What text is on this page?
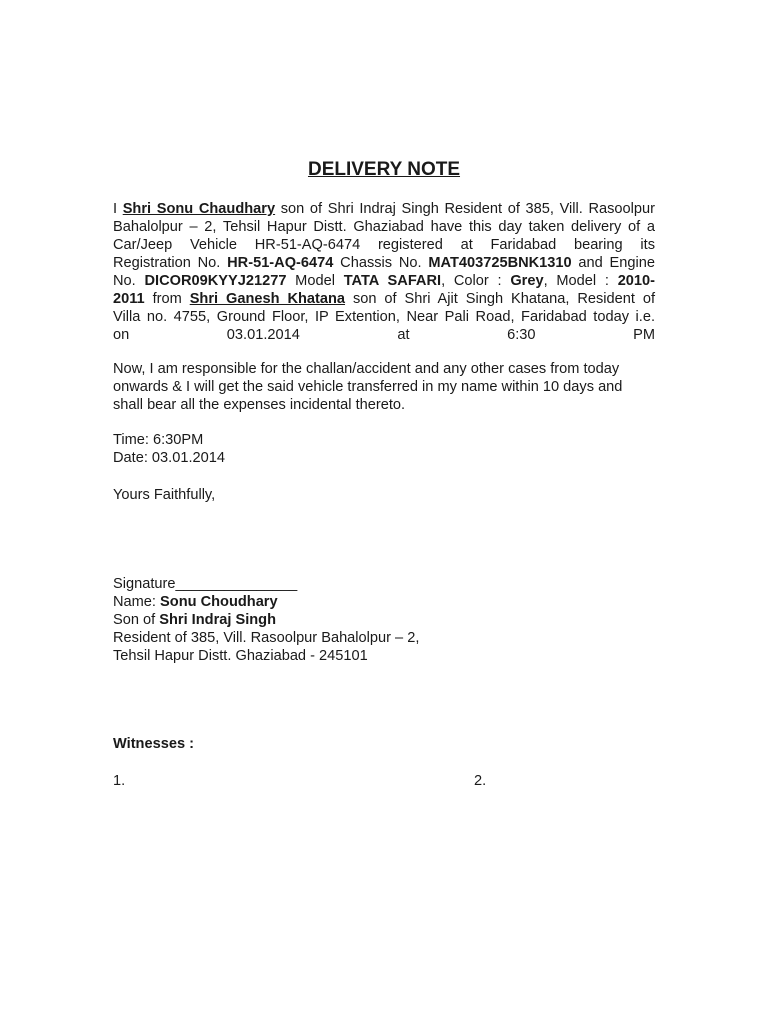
DELIVERY NOTE
I Shri Sonu Chaudhary son of Shri Indraj Singh Resident of 385, Vill. Rasoolpur
Bahalolpur – 2, Tehsil Hapur Distt. Ghaziabad have this day taken delivery of a
Car/Jeep Vehicle HR-51-AQ-6474 registered at Faridabad bearing its
Registration No. HR-51-AQ-6474 Chassis No. MAT403725BNK1310 and Engine
No. DICOR09KYYJ21277 Model TATA SAFARI, Color : Grey, Model : 2010-
2011 from Shri Ganesh Khatana son of Shri Ajit Singh Khatana, Resident of
Villa no. 4755, Ground Floor, IP Extention, Near Pali Road, Faridabad today i.e.
on	03.01.2014	at	6:30	PM
Now, I am responsible for the challan/accident and any other cases from today
onwards & I will get the said vehicle transferred in my name within 10 days and
shall bear all the expenses incidental thereto.
Time: 6:30PM
Date: 03.01.2014
Yours Faithfully,
Signature_______________
Name: Sonu Choudhary
Son of Shri Indraj Singh
Resident of 385, Vill. Rasoolpur Bahalolpur – 2,
Tehsil Hapur Distt. Ghaziabad - 245101
Witnesses :
1.	2.
